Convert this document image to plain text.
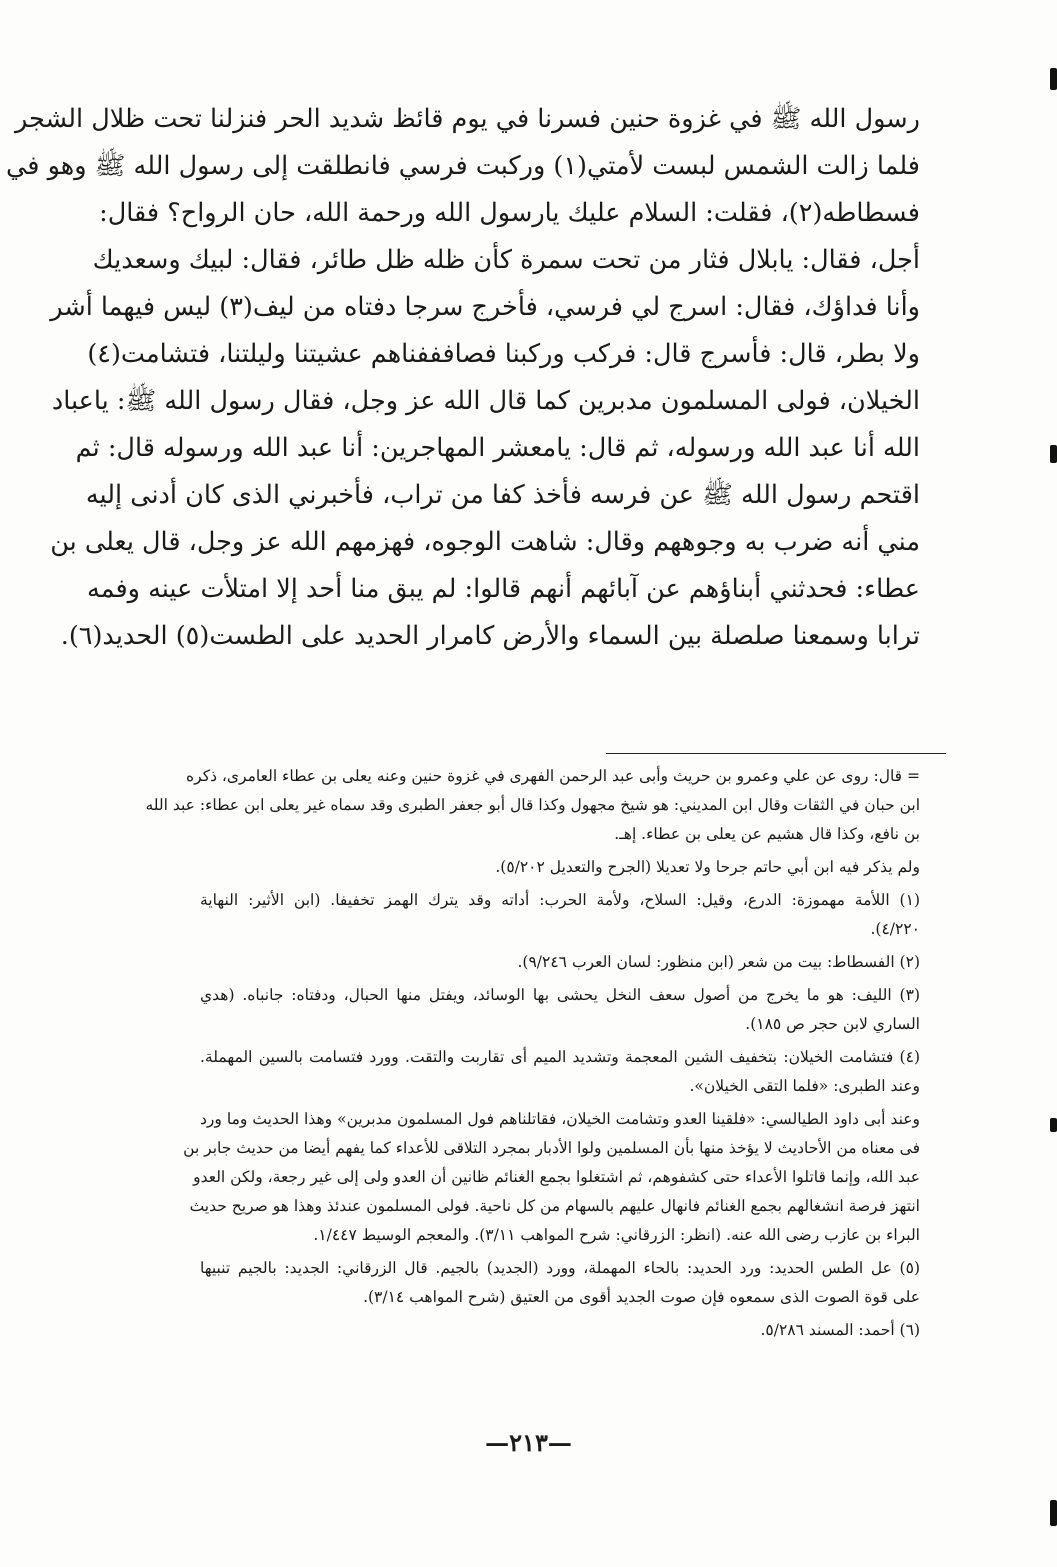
رسول الله ﷺ في غزوة حنين فسرنا في يوم قائظ شديد الحر فنزلنا تحت ظلال الشجر
فلما زالت الشمس لبست لأمتي(١) وركبت فرسي فانطلقت إلى رسول الله ﷺ وهو في
فسطاطه(٢)، فقلت: السلام عليك يارسول الله ورحمة الله، حان الرواح؟ فقال:
أجل، فقال: يابلال فثار من تحت سمرة كأن ظله ظل طائر، فقال: لبيك وسعديك
وأنا فداؤك، فقال: اسرج لي فرسي، فأخرج سرجا دفتاه من ليف(٣) ليس فيهما أشر
ولا بطر، قال: فأسرج قال: فركب وركبنا فصافففناهم عشيتنا وليلتنا، فتشامت(٤)
الخيلان، فولى المسلمون مدبرين كما قال الله عز وجل، فقال رسول الله ﷺ: ياعباد
الله أنا عبد الله ورسوله، ثم قال: يامعشر المهاجرين: أنا عبد الله ورسوله قال: ثم
اقتحم رسول الله ﷺ عن فرسه فأخذ كفا من تراب، فأخبرني الذى كان أدنى إليه
مني أنه ضرب به وجوههم وقال: شاهت الوجوه، فهزمهم الله عز وجل، قال يعلى بن
عطاء: فحدثني أبناؤهم عن آبائهم أنهم قالوا: لم يبق منا أحد إلا امتلأت عينه وفمه
ترابا وسمعنا صلصلة بين السماء والأرض كامرار الحديد على الطست(٥) الحديد(٦).
= قال: روى عن علي وعمرو بن حريث وأبى عبد الرحمن الفهرى في غزوة حنين وعنه يعلى بن عطاء العامرى، ذكره
ابن حبان في الثقات وقال ابن المديني: هو شيخ مجهول وكذا قال أبو جعفر الطبرى وقد سماه غير يعلى ابن عطاء: عبد الله
بن نافع، وكذا قال هشيم عن يعلى بن عطاء. إهـ.
ولم يذكر فيه ابن أبي حاتم جرحا ولا تعديلا (الجرح والتعديل ٥/٢٠٢).
(١) اللأمة مهموزة: الدرع، وقيل: السلاح، ولأمة الحرب: أداته وقد يترك الهمز تخفيفا. (ابن الأثير: النهاية
٤/٢٢٠).
(٢) الفسطاط: بيت من شعر (ابن منظور: لسان العرب ٩/٢٤٦).
(٣) الليف: هو ما يخرج من أصول سعف النخل يحشى بها الوسائد، ويفتل منها الحبال، ودفتاه: جانباه. (هدي
الساري لابن حجر ص ١٨٥).
(٤) فتشامت الخيلان: بتخفيف الشين المعجمة وتشديد الميم أى تقاربت والتقت. وورد فتسامت بالسين المهملة.
وعند الطبرى: «فلما التقى الخيلان».
وعند أبى داود الطيالسي: «فلقينا العدو وتشامت الخيلان، فقاتلناهم فول المسلمون مدبرين» وهذا الحديث وما ورد
فى معناه من الأحاديث لا يؤخذ منها بأن المسلمين ولوا الأدبار بمجرد التلاقى للأعداء كما يفهم أيضا من حديث جابر بن
عبد الله، وإنما قاتلوا الأعداء حتى كشفوهم، ثم اشتغلوا بجمع الغنائم ظانين أن العدو ولى إلى غير رجعة، ولكن العدو
انتهز فرصة انشغالهم بجمع الغنائم فانهال عليهم بالسهام من كل ناحية. فولى المسلمون عندئذ وهذا هو صريح حديث
البراء بن عازب رضى الله عنه. (انظر: الزرقاني: شرح المواهب ٣/١١). والمعجم الوسيط ١/٤٤٧.
(٥) عل الطس الحديد: ورد الحديد: بالحاء المهملة، وورد (الجديد) بالجيم. قال الزرقاني: الجديد: بالجيم تنبيها
على قوة الصوت الذى سمعوه فإن صوت الجديد أقوى من العتيق (شرح المواهب ٣/١٤).
(٦) أحمد: المسند ٥/٢٨٦.
—٢١٣—
